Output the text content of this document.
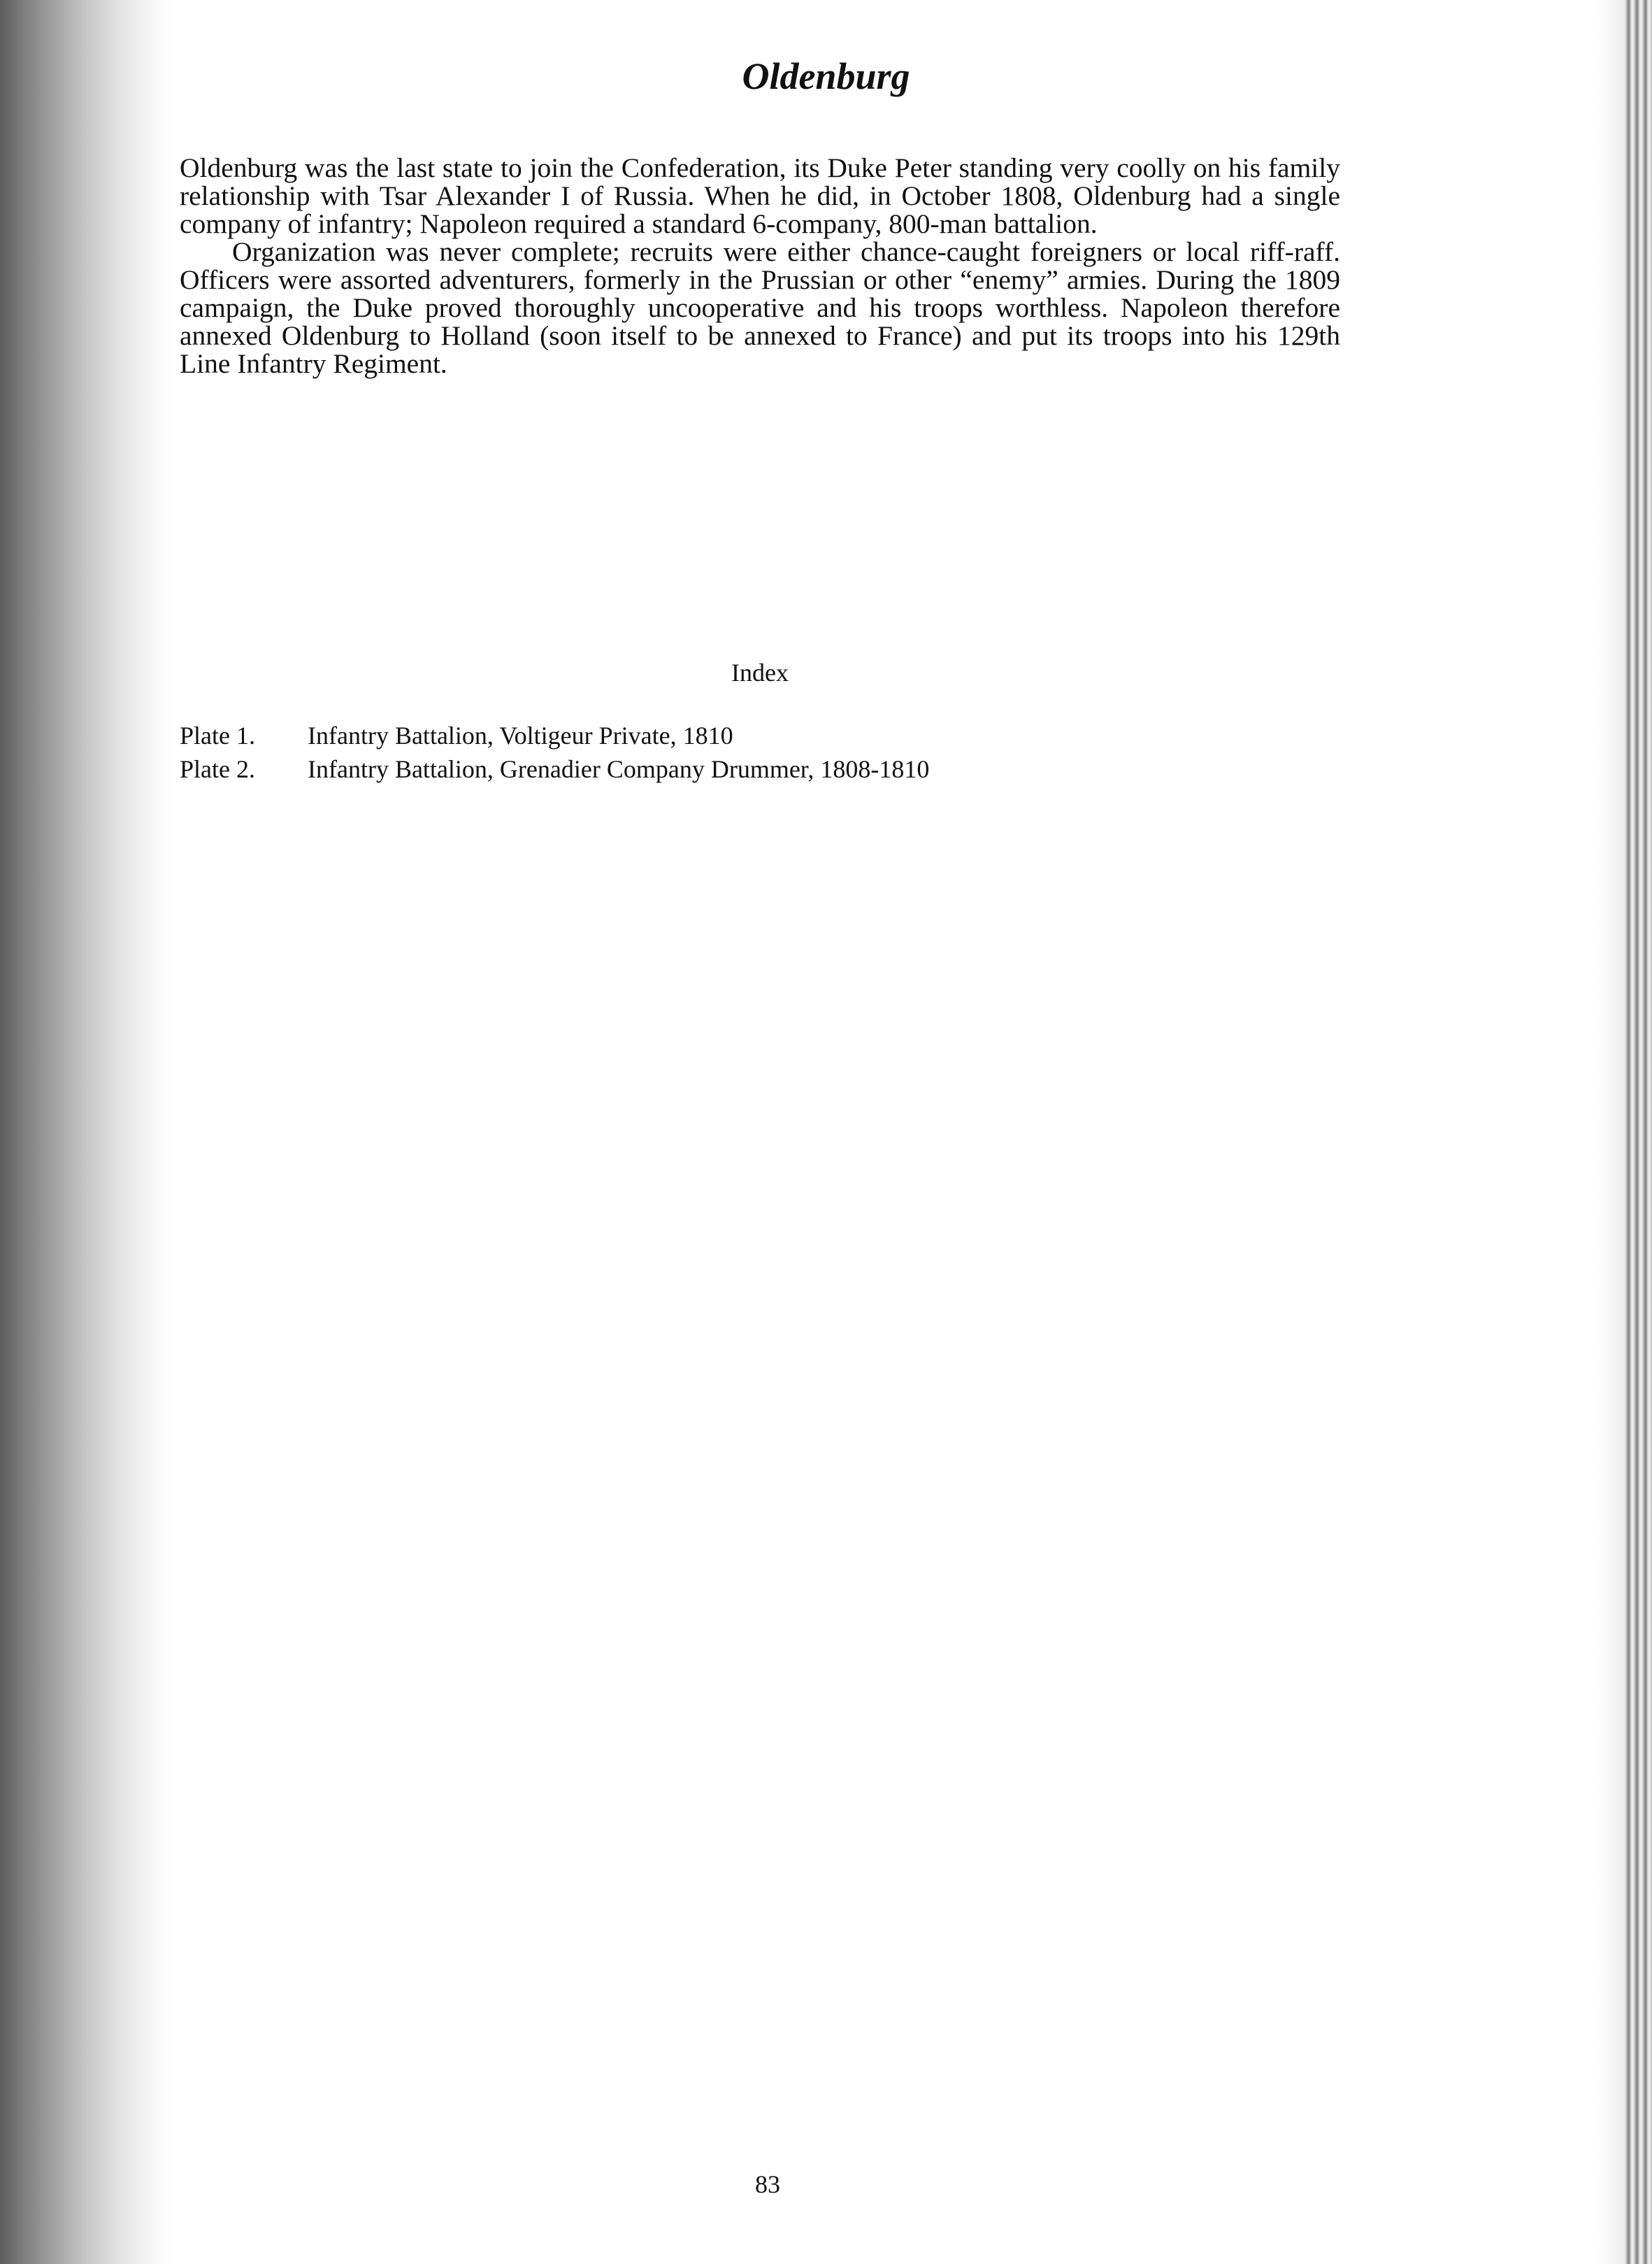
Oldenburg

Oldenburg was the last state to join the Confederation, its Duke Peter standing very coolly on his family relationship with Tsar Alexander I of Russia. When he did, in October 1808, Oldenburg had a single company of infantry; Napoleon required a standard 6-company, 800-man battalion.

Organization was never complete; recruits were either chance-caught foreigners or local riff-raff. Officers were assorted adventurers, formerly in the Prussian or other “enemy” armies. During the 1809 campaign, the Duke proved thoroughly uncooperative and his troops worthless. Napoleon therefore annexed Oldenburg to Holland (soon itself to be annexed to France) and put its troops into his 129th Line Infantry Regiment.

Index
Plate 1.	Infantry Battalion, Voltigeur Private, 1810
Plate 2.	Infantry Battalion, Grenadier Company Drummer, 1808-1810
83
